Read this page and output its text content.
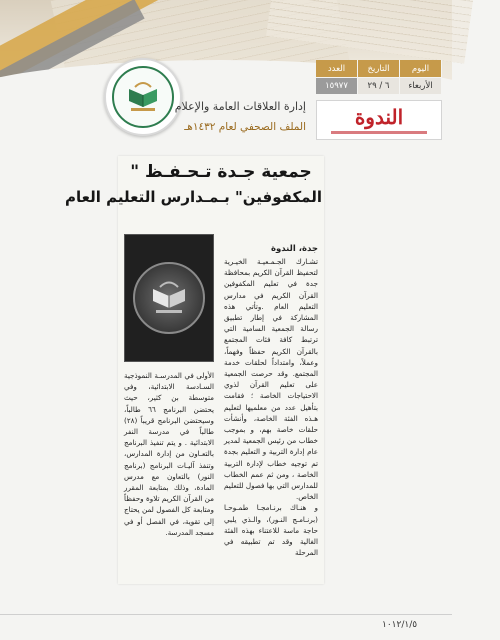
إدارة العلاقات العامة والإعلام
الملف الصحفي لعام ١٤٣٢هـ
العدد	التاريخ	اليوم
١٥٩٧٧	٦ / ٢٩	الأربعاء
الندوة
جمعية جـدة تـحـفـظ "
المكفوفين" بـمـدارس التعليم العام
جدة، الندوة

تشـارك الجـمـعيـة الخيـرية لتحفيظ القرآن الكريم بمحافظة جدة في تعليم المكفوفين القرآن الكريم في مدارس التعليم العام .وتأتي هذه المشاركة في إطار تطبيق رسالة الجمعية السامية التي ترتبط كافة فئات المجتمع بالقرآن الكريم حفظاً وفهماً، وعملاً، وامتداداً لحلقات خدمة المجتمع. وقد حرصت الجمعية على تعليم القرآن لذوي الاحتياجات الخاصة ؛ فقامت بتأهيل عدد من معلميها لتعليم هـذه الفئة الخاصة، وأنشأت حلقات خاصة بهم، و بموجب خطاب من رئيس الجمعية لمدير عام إدارة التربية و التعليم بجدة تم توجيه خطاب لإدارة التربية الخاصة ، ومن ثم عمم الخطاب للمدارس التي بها فصول للتعليم الخاص.

و هنـاك برنـامجـا طمـوحـا (برنـامـج النـور)، والـذي يلبي حاجة ماسة للاعتناء بهذه الفئة الغالية وقد تم تطبيقه في المرحلة

الأولى في المدرسـة النموذجية السـادسة الابتدائية، وفي متوسطة بن كثير، حيث يحتضن البرنامج ٦٦ طالباً، وسيحتضن البرنامج قريباً (٢٨) طالباً في مدرسة النفر الابتدائية . و يتم تنفيذ البرنامج بالتعـاون من إدارة المدارس، وتنفذ آليـات البرنامج (برنامج النور) بالتعاون مع مدرس المادة، وذلك بمتابعة المقرر من القرآن الكريم تلاوة وحفظاً ومتابعة كل الفصول لمن يحتاج إلى تقوية، في الفصل أو في مسجد المدرسة.

١٠١٢/١/٥
